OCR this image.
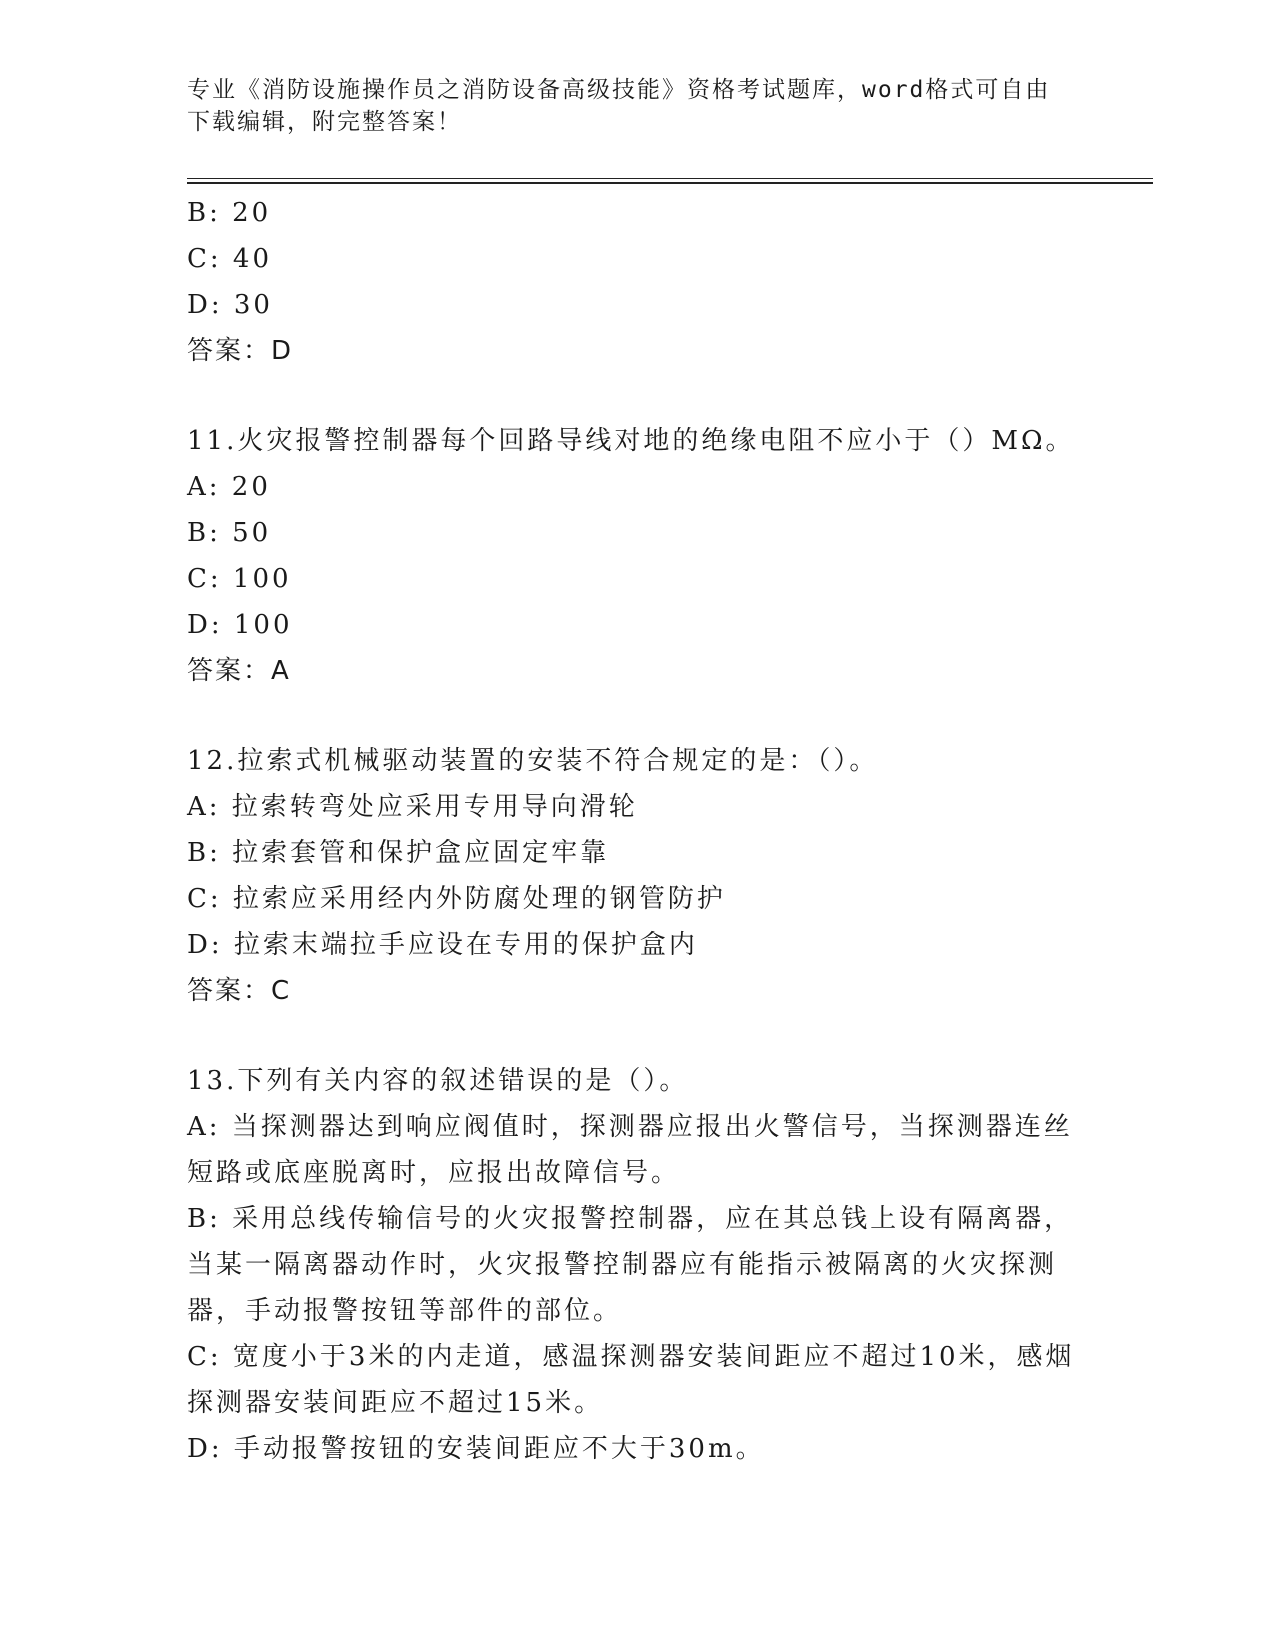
专业《消防设施操作员之消防设备高级技能》资格考试题库，word格式可自由下载编辑，附完整答案！
B: 20
C: 40
D: 30
答案：D
11.火灾报警控制器每个回路导线对地的绝缘电阻不应小于（）MΩ。
A: 20
B: 50
C: 100
D: 100
答案：A
12.拉索式机械驱动装置的安装不符合规定的是：（）。
A: 拉索转弯处应采用专用导向滑轮
B: 拉索套管和保护盒应固定牢靠
C: 拉索应采用经内外防腐处理的钢管防护
D: 拉索末端拉手应设在专用的保护盒内
答案：C
13.下列有关内容的叙述错误的是（）。
A: 当探测器达到响应阀值时，探测器应报出火警信号，当探测器连丝短路或底座脱离时，应报出故障信号。
B: 采用总线传输信号的火灾报警控制器，应在其总钱上设有隔离器，当某一隔离器动作时，火灾报警控制器应有能指示被隔离的火灾探测器，手动报警按钮等部件的部位。
C: 宽度小于3米的内走道，感温探测器安装间距应不超过10米，感烟探测器安装间距应不超过15米。
D: 手动报警按钮的安装间距应不大于30m。
